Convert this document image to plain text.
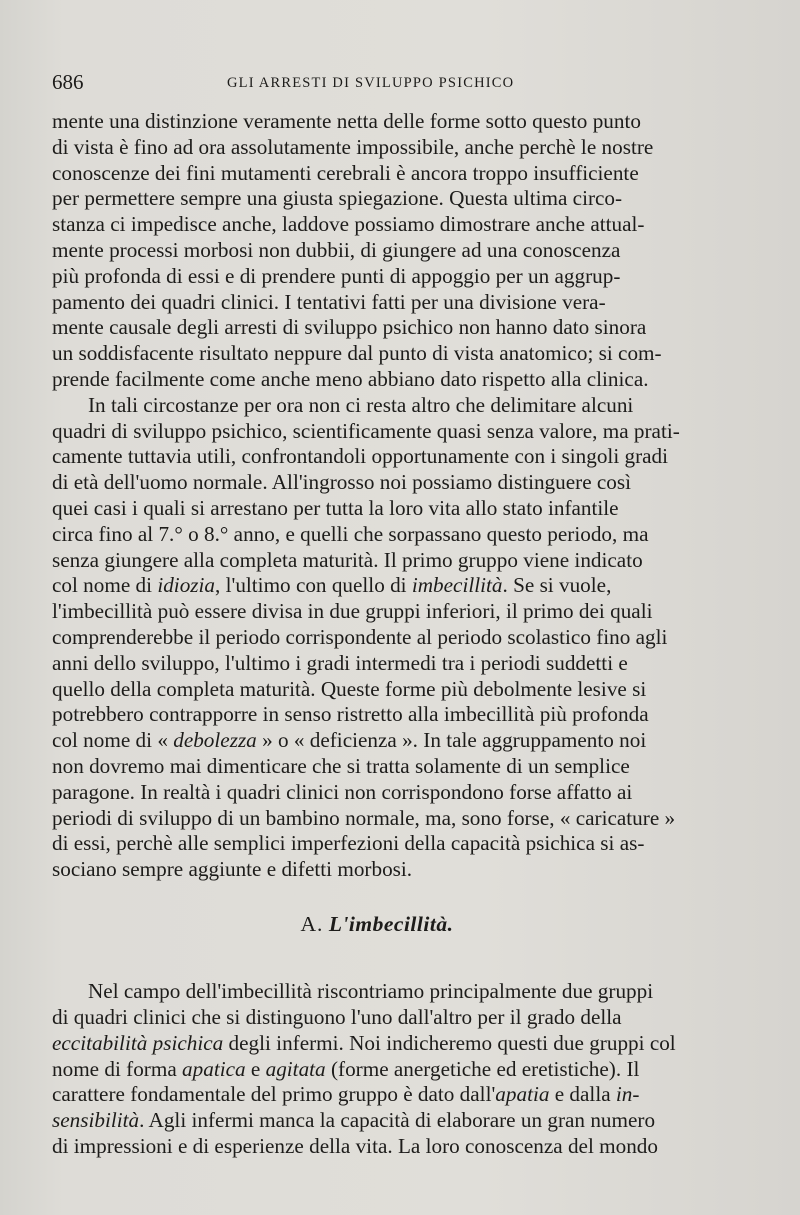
686	GLI ARRESTI DI SVILUPPO PSICHICO

mente una distinzione veramente netta delle forme sotto questo punto
di vista è fino ad ora assolutamente impossibile, anche perchè le nostre
conoscenze dei fini mutamenti cerebrali è ancora troppo insufficiente
per permettere sempre una giusta spiegazione. Questa ultima circo-
stanza ci impedisce anche, laddove possiamo dimostrare anche attual-
mente processi morbosi non dubbii, di giungere ad una conoscenza
più profonda di essi e di prendere punti di appoggio per un aggrup-
pamento dei quadri clinici. I tentativi fatti per una divisione vera-
mente causale degli arresti di sviluppo psichico non hanno dato sinora
un soddisfacente risultato neppure dal punto di vista anatomico; si com-
prende facilmente come anche meno abbiano dato rispetto alla clinica.

In tali circostanze per ora non ci resta altro che delimitare alcuni
quadri di sviluppo psichico, scientificamente quasi senza valore, ma prati-
camente tuttavia utili, confrontandoli opportunamente con i singoli gradi
di età dell'uomo normale. All'ingrosso noi possiamo distinguere così
quei casi i quali si arrestano per tutta la loro vita allo stato infantile
circa fino al 7.° o 8.° anno, e quelli che sorpassano questo periodo, ma
senza giungere alla completa maturità. Il primo gruppo viene indicato
col nome di idiozia, l'ultimo con quello di imbecillità. Se si vuole,
l'imbecillità può essere divisa in due gruppi inferiori, il primo dei quali
comprenderebbe il periodo corrispondente al periodo scolastico fino agli
anni dello sviluppo, l'ultimo i gradi intermedi tra i periodi suddetti e
quello della completa maturità. Queste forme più debolmente lesive si
potrebbero contrapporre in senso ristretto alla imbecillità più profonda
col nome di « debolezza » o « deficienza ». In tale aggruppamento noi
non dovremo mai dimenticare che si tratta solamente di un semplice
paragone. In realtà i quadri clinici non corrispondono forse affatto ai
periodi di sviluppo di un bambino normale, ma, sono forse, « caricature »
di essi, perchè alle semplici imperfezioni della capacità psichica si as-
sociano sempre aggiunte e difetti morbosi.

A. L'imbecillità.

Nel campo dell'imbecillità riscontriamo principalmente due gruppi
di quadri clinici che si distinguono l'uno dall'altro per il grado della
eccitabilità psichica degli infermi. Noi indicheremo questi due gruppi col
nome di forma apatica e agitata (forme anergetiche ed eretistiche). Il
carattere fondamentale del primo gruppo è dato dall'apatia e dalla in-
sensibilità. Agli infermi manca la capacità di elaborare un gran numero
di impressioni e di esperienze della vita. La loro conoscenza del mondo
